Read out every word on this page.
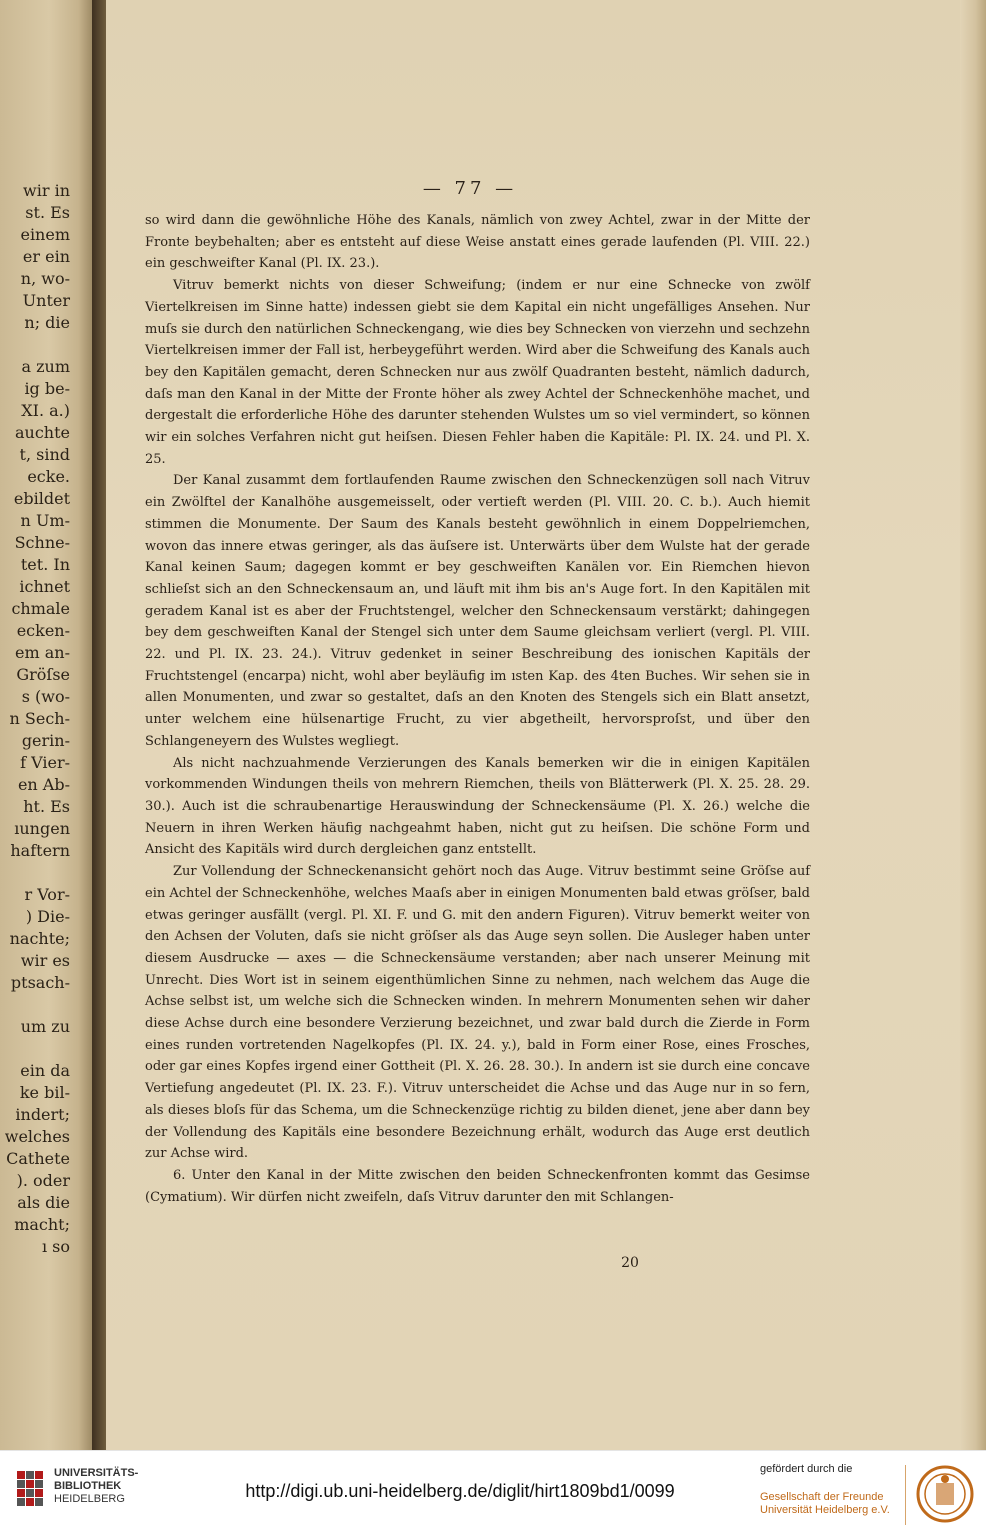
wir in
st. Es
einem
er ein
n, wo-
Unter
n; die

a zum
ig be-
XI. a.)
auchte
t, sind
ecke.
ebildet
n Um-
Schne-
tet. In
ichnet
chmale
ecken-
em an-
Gröſse
s (wo-
n Sech-
gerin-
f Vier-
en Ab-
ht. Es
ıungen
haftern

r Vor-
) Die-
nachte;
wir es
ptsach-

um zu

ein da
ke bil-
indert;
welches
Cathete
). oder
als die
macht;
ı so
— 77 —

so wird dann die gewöhnliche Höhe des Kanals, nämlich von zwey Achtel, zwar in der Mitte der Fronte beybehalten; aber es entsteht auf diese Weise anstatt eines gerade laufenden (Pl. VIII. 22.) ein geschweifter Kanal (Pl. IX. 23.).

Vitruv bemerkt nichts von dieser Schweifung; (indem er nur eine Schnecke von zwölf Viertelkreisen im Sinne hatte) indessen giebt sie dem Kapital ein nicht ungefälliges Ansehen. Nur muſs sie durch den natürlichen Schneckengang, wie dies bey Schnecken von vierzehn und sechzehn Viertelkreisen immer der Fall ist, herbeygeführt werden. Wird aber die Schweifung des Kanals auch bey den Kapitälen gemacht, deren Schnecken nur aus zwölf Quadranten besteht, nämlich dadurch, daſs man den Kanal in der Mitte der Fronte höher als zwey Achtel der Schneckenhöhe machet, und dergestalt die erforderliche Höhe des darunter stehenden Wulstes um so viel vermindert, so können wir ein solches Verfahren nicht gut heiſsen. Diesen Fehler haben die Kapitäle: Pl. IX. 24. und Pl. X. 25.

Der Kanal zusammt dem fortlaufenden Raume zwischen den Schneckenzügen soll nach Vitruv ein Zwölftel der Kanalhöhe ausgemeisselt, oder vertieft werden (Pl. VIII. 20. C. b.). Auch hiemit stimmen die Monumente. Der Saum des Kanals besteht gewöhnlich in einem Doppelriemchen, wovon das innere etwas geringer, als das äuſsere ist. Unterwärts über dem Wulste hat der gerade Kanal keinen Saum; dagegen kommt er bey geschweiften Kanälen vor. Ein Riemchen hievon schlieſst sich an den Schneckensaum an, und läuft mit ihm bis an's Auge fort. In den Kapitälen mit geradem Kanal ist es aber der Fruchtstengel, welcher den Schneckensaum verstärkt; dahingegen bey dem geschweiften Kanal der Stengel sich unter dem Saume gleichsam verliert (vergl. Pl. VIII. 22. und Pl. IX. 23. 24.). Vitruv gedenket in seiner Beschreibung des ionischen Kapitäls der Fruchtstengel (encarpa) nicht, wohl aber beyläufig im ısten Kap. des 4ten Buches. Wir sehen sie in allen Monumenten, und zwar so gestaltet, daſs an den Knoten des Stengels sich ein Blatt ansetzt, unter welchem eine hülsenartige Frucht, zu vier abgetheilt, hervorsproſst, und über den Schlangeneyern des Wulstes wegliegt.

Als nicht nachzuahmende Verzierungen des Kanals bemerken wir die in einigen Kapitälen vorkommenden Windungen theils von mehrern Riemchen, theils von Blätterwerk (Pl. X. 25. 28. 29. 30.). Auch ist die schraubenartige Herauswindung der Schneckensäume (Pl. X. 26.) welche die Neuern in ihren Werken häufig nachgeahmt haben, nicht gut zu heiſsen. Die schöne Form und Ansicht des Kapitäls wird durch dergleichen ganz entstellt.

Zur Vollendung der Schneckenansicht gehört noch das Auge. Vitruv bestimmt seine Gröſse auf ein Achtel der Schneckenhöhe, welches Maaſs aber in einigen Monumenten bald etwas gröſser, bald etwas geringer ausfällt (vergl. Pl. XI. F. und G. mit den andern Figuren). Vitruv bemerkt weiter von den Achsen der Voluten, daſs sie nicht gröſser als das Auge seyn sollen. Die Ausleger haben unter diesem Ausdrucke — axes — die Schneckensäume verstanden; aber nach unserer Meinung mit Unrecht. Dies Wort ist in seinem eigenthümlichen Sinne zu nehmen, nach welchem das Auge die Achse selbst ist, um welche sich die Schnecken winden. In mehrern Monumenten sehen wir daher diese Achse durch eine besondere Verzierung bezeichnet, und zwar bald durch die Zierde in Form eines runden vortretenden Nagelkopfes (Pl. IX. 24. y.), bald in Form einer Rose, eines Frosches, oder gar eines Kopfes irgend einer Gottheit (Pl. X. 26. 28. 30.). In andern ist sie durch eine concave Vertiefung angedeutet (Pl. IX. 23. F.). Vitruv unterscheidet die Achse und das Auge nur in so fern, als dieses bloſs für das Schema, um die Schneckenzüge richtig zu bilden dienet, jene aber dann bey der Vollendung des Kapitäls eine besondere Bezeichnung erhält, wodurch das Auge erst deutlich zur Achse wird.

6. Unter den Kanal in der Mitte zwischen den beiden Schneckenfronten kommt das Gesimse (Cymatium). Wir dürfen nicht zweifeln, daſs Vitruv darunter den mit Schlangen-

20
UNIVERSITÄTS-
BIBLIOTHEK
HEIDELBERG	http://digi.ub.uni-heidelberg.de/diglit/hirt1809bd1/0099
gefördert durch die
Gesellschaft der Freunde
Universität Heidelberg e.V.
